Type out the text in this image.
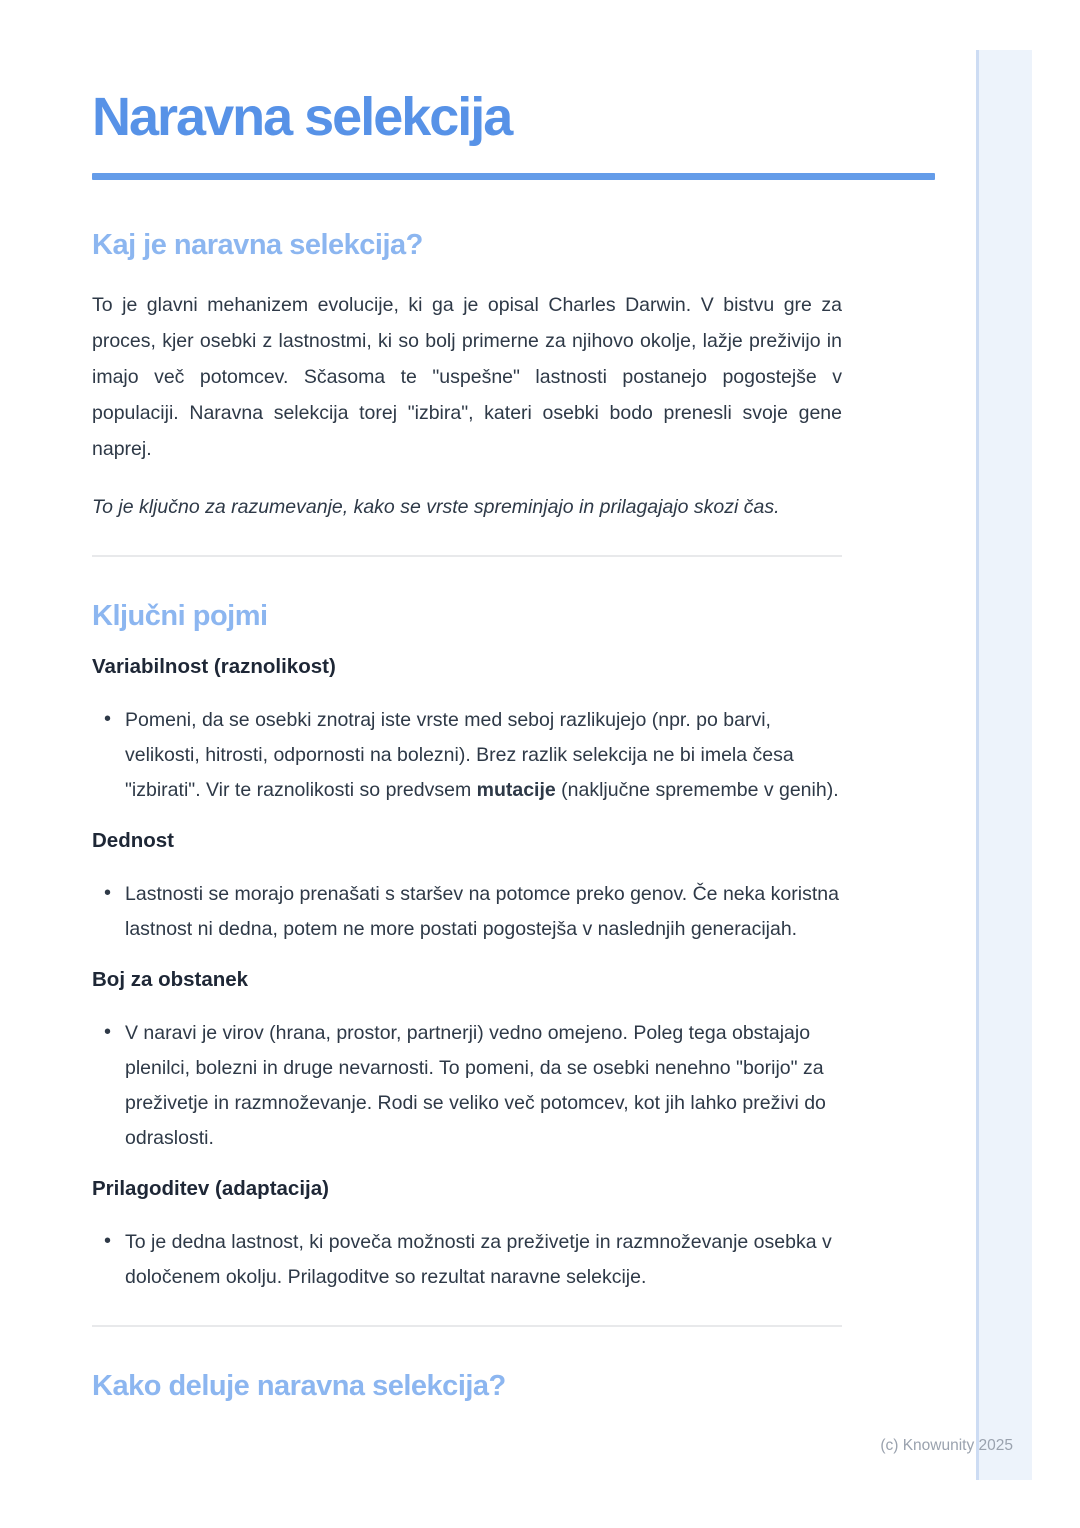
Naravna selekcija
Kaj je naravna selekcija?

To je glavni mehanizem evolucije, ki ga je opisal Charles Darwin. V bistvu gre za proces, kjer osebki z lastnostmi, ki so bolj primerne za njihovo okolje, lažje preživijo in imajo več potomcev. Sčasoma te "uspešne" lastnosti postanejo pogostejše v populaciji. Naravna selekcija torej "izbira", kateri osebki bodo prenesli svoje gene naprej.

To je ključno za razumevanje, kako se vrste spreminjajo in prilagajajo skozi čas.

Ključni pojmi
Variabilnost (raznolikost)
• Pomeni, da se osebki znotraj iste vrste med seboj razlikujejo (npr. po barvi, velikosti, hitrosti, odpornosti na bolezni). Brez razlik selekcija ne bi imela česa "izbirati". Vir te raznolikosti so predvsem mutacije (naključne spremembe v genih).
Dednost
• Lastnosti se morajo prenašati s staršev na potomce preko genov. Če neka koristna lastnost ni dedna, potem ne more postati pogostejša v naslednjih generacijah.
Boj za obstanek
• V naravi je virov (hrana, prostor, partnerji) vedno omejeno. Poleg tega obstajajo plenilci, bolezni in druge nevarnosti. To pomeni, da se osebki nenehno "borijo" za preživetje in razmnoževanje. Rodi se veliko več potomcev, kot jih lahko preživi do odraslosti.
Prilagoditev (adaptacija)
• To je dedna lastnost, ki poveča možnosti za preživetje in razmnoževanje osebka v določenem okolju. Prilagoditve so rezultat naravne selekcije.
Kako deluje naravna selekcija?
(c) Knowunity 2025
